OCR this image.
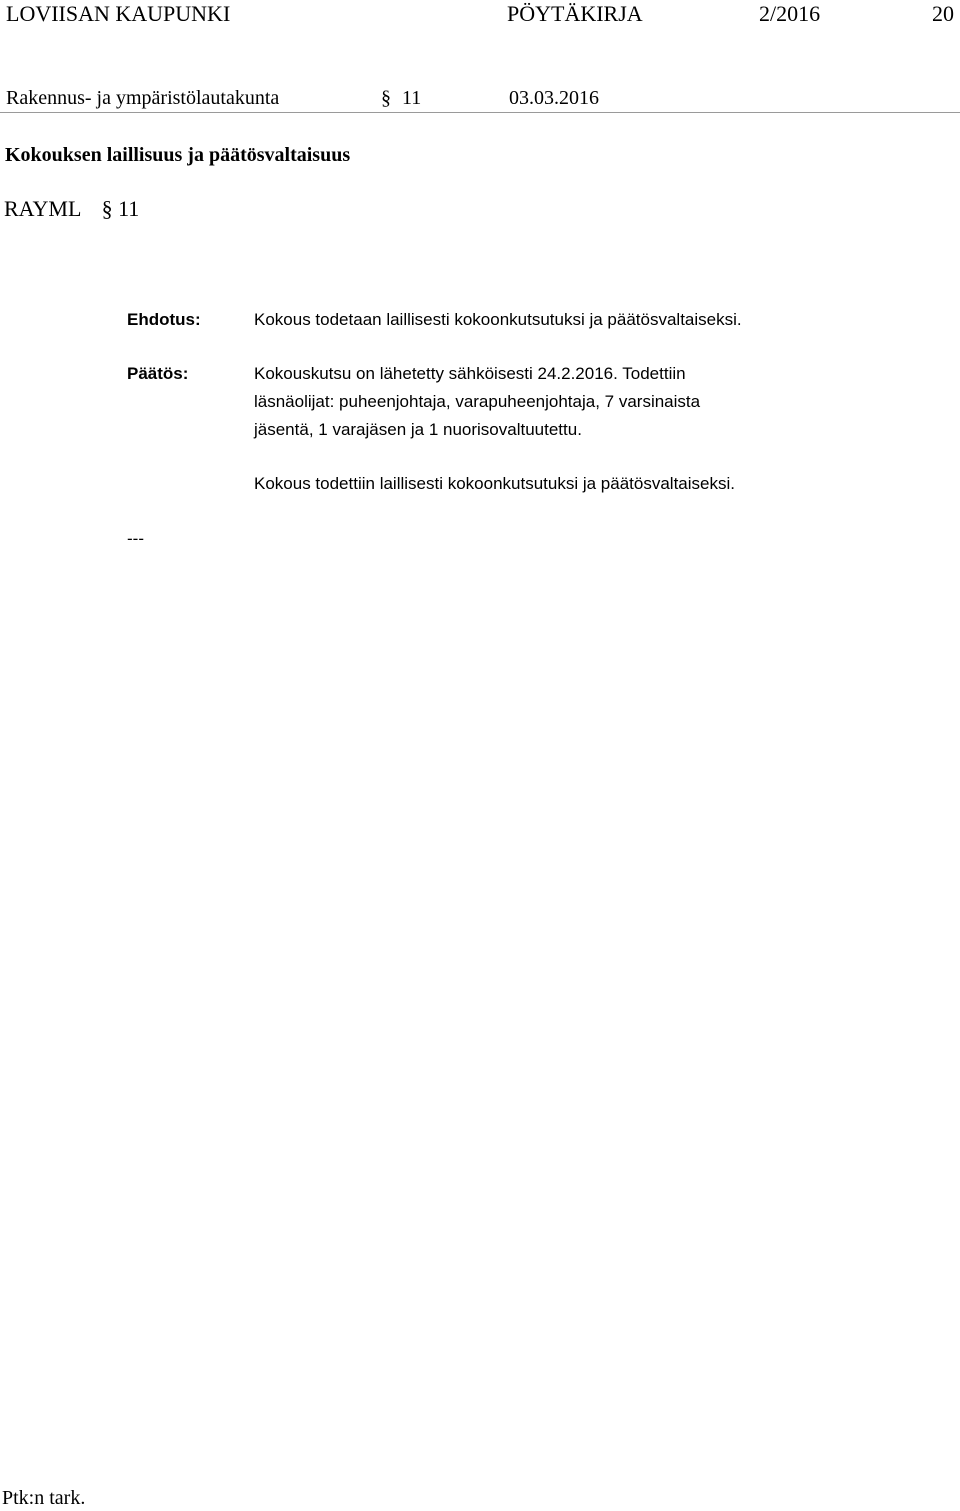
LOVIISAN KAUPUNKI	PÖYTÄKIRJA	2/2016	20
Rakennus- ja ympäristölautakunta	§ 11	03.03.2016
Kokouksen laillisuus ja päätösvaltaisuus
RAYML § 11
Ehdotus:	Kokous todetaan laillisesti kokoonkutsutuksi ja päätösvaltaiseksi.
Päätös:	Kokouskutsu on lähetetty sähköisesti 24.2.2016. Todettiin
läsnäolijat: puheenjohtaja, varapuheenjohtaja, 7 varsinaista
jäsentä, 1 varajäsen ja 1 nuorisovaltuutettu.
Kokous todettiin laillisesti kokoonkutsutuksi ja päätösvaltaiseksi.
---
Ptk:n tark.
